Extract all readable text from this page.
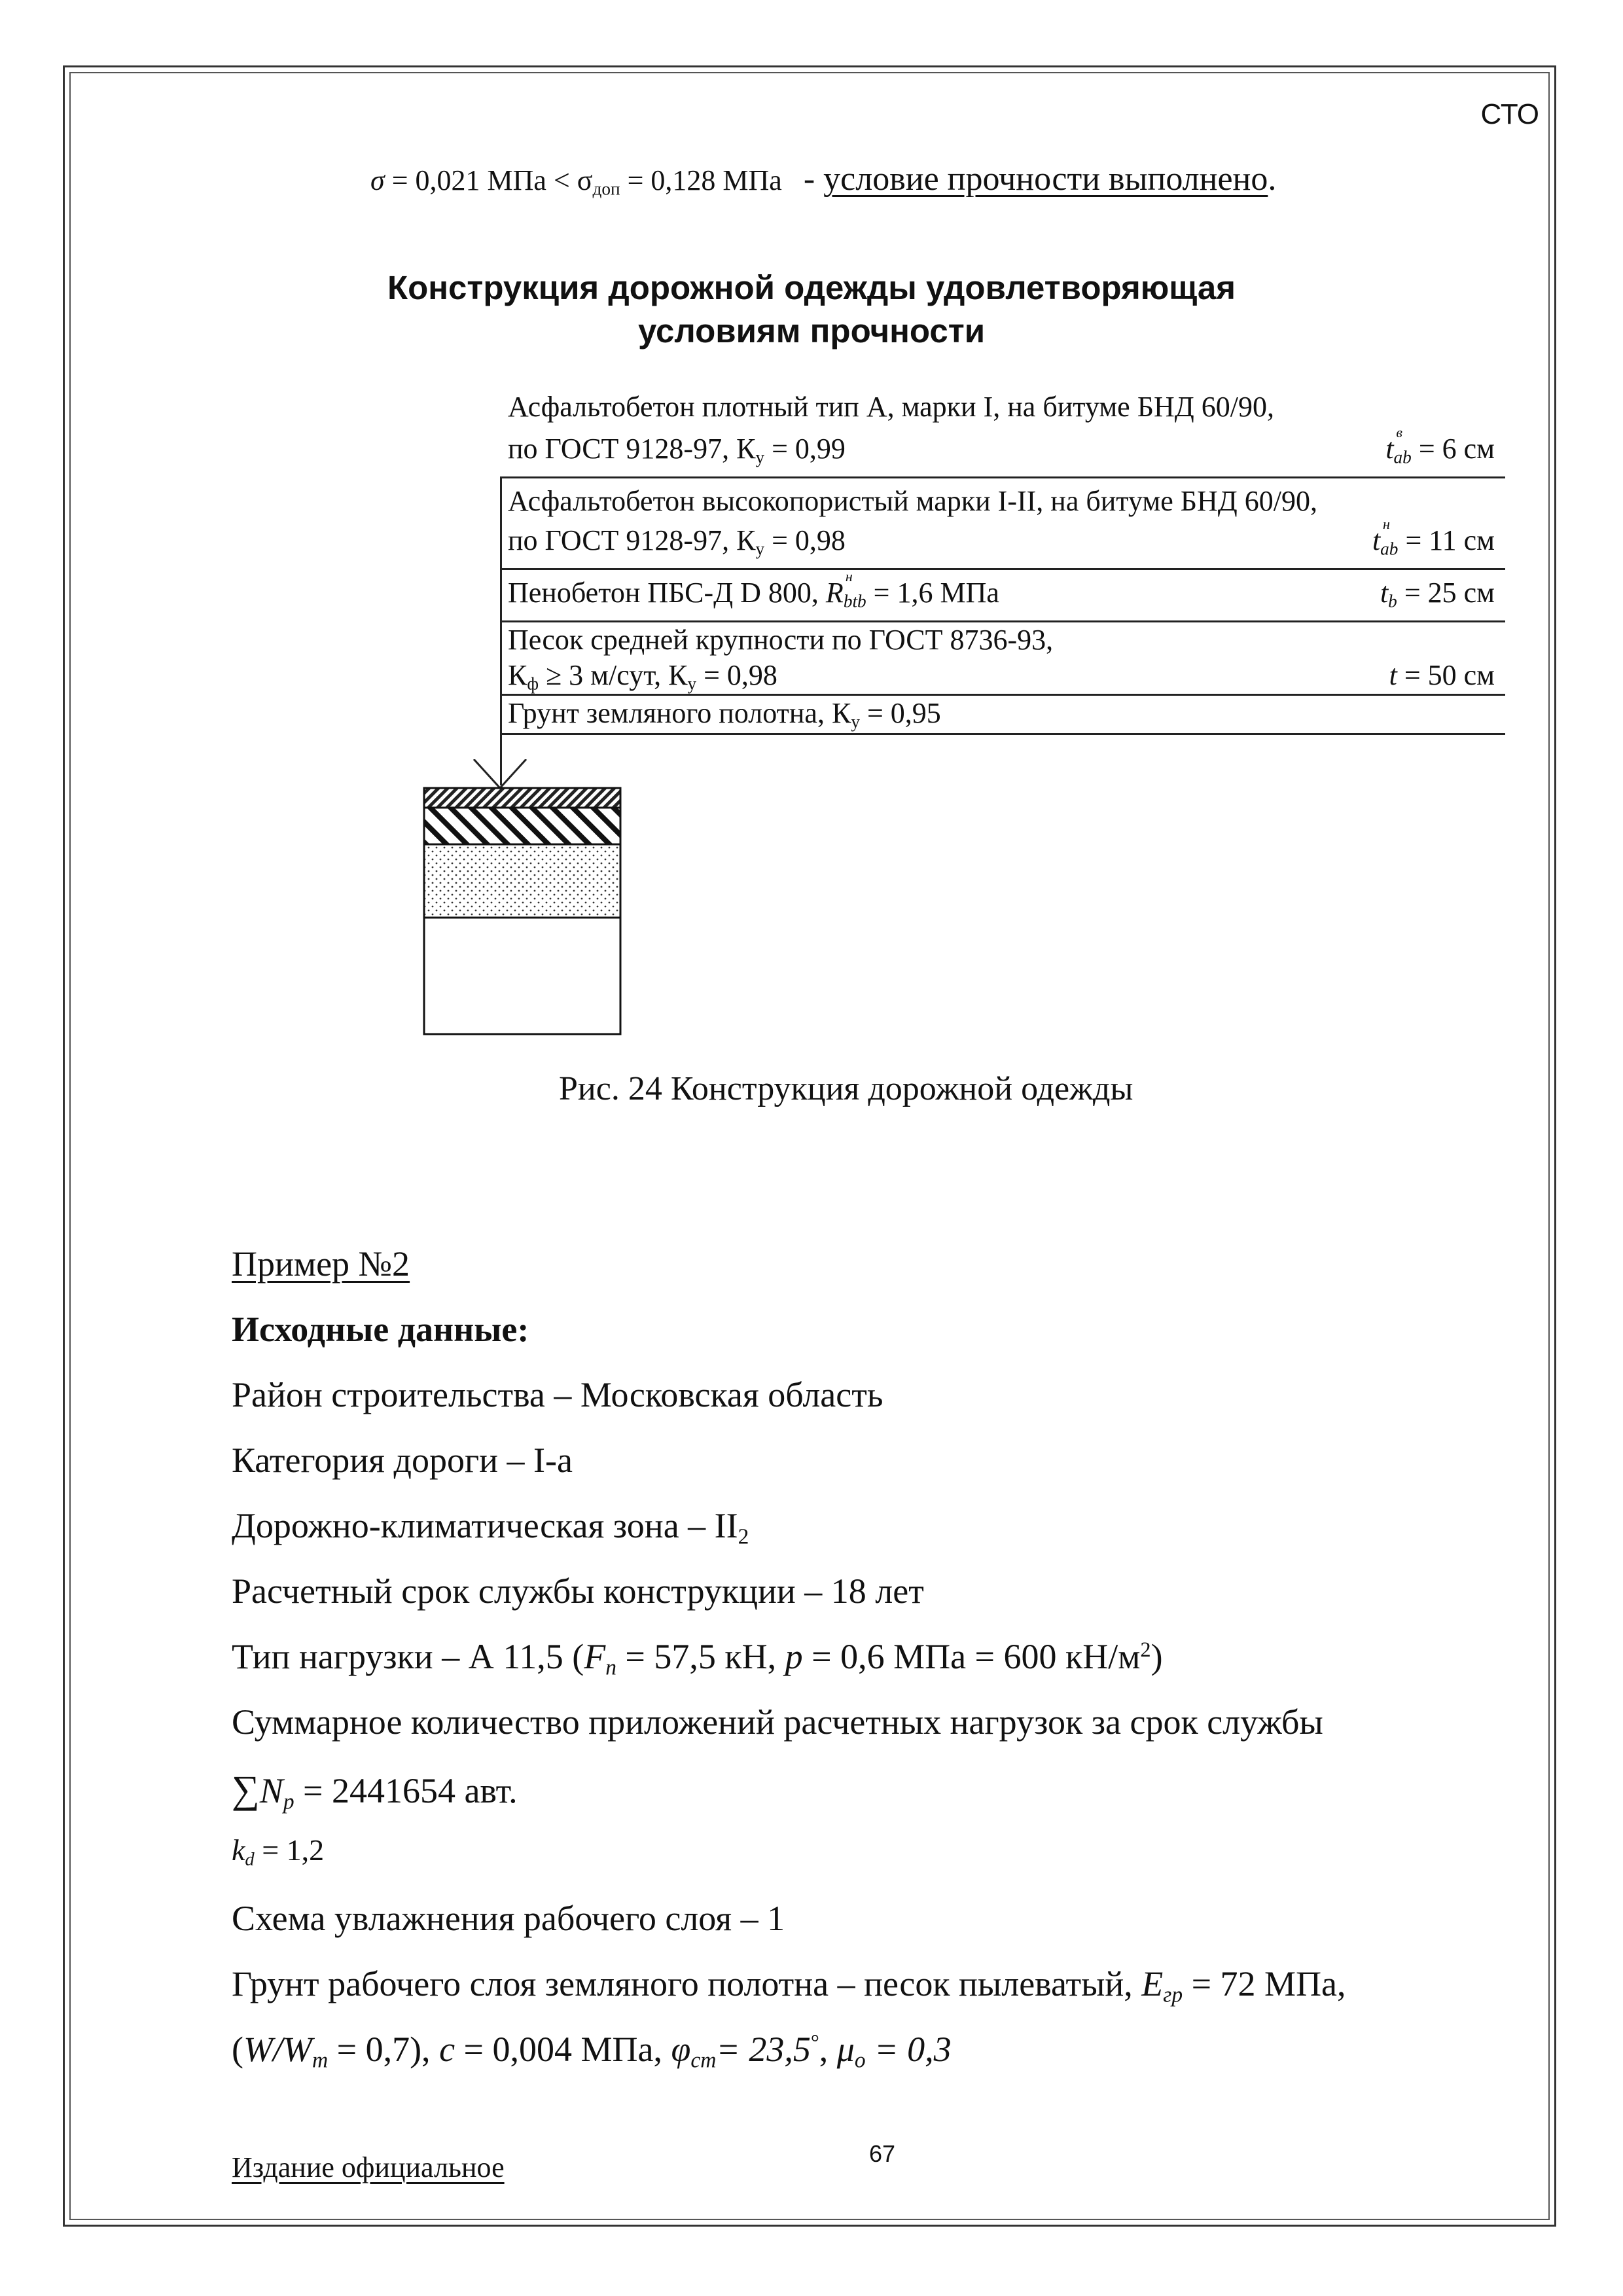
СТО
σ = 0,021 МПа < $\sigma_{доп} = 0,128$ МПа - условие прочности выполнено.
Конструкция дорожной одежды удовлетворяющая
условиям прочности
Асфальтобетон плотный тип А, марки I, на битуме БНД 60/90,
по ГОСТ 9128-97, $К_у = 0,99$	t
в
$_{ab}$ = 6 см
Асфальтобетон высокопористый марки I-II, на битуме БНД 60/90,
по ГОСТ 9128-97, $К_у = 0,98$	t
н
$_{ab}$ = 11 см
Пенобетон ПБС-Д D 800, R
н
$_{btb}$ = 1,6 МПа	$t_b = 25$ см
Песок средней крупности по ГОСТ 8736-93,
$К_ф \ge 3$ м/сут, $К_у = 0,98$	t = 50 см
Грунт земляного полотна, $К_у = 0,95$
Рис. 24 Конструкция дорожной одежды
Пример №2
Исходные данные:
Район строительства – Московская область
Категория дороги – I-a
Дорожно-климатическая зона – $II_2$
Расчетный срок службы конструкции – 18 лет
Тип нагрузки – А 11,5 ($F_n = 57,5$ кН, p = 0,6 МПа = 600 $кН/м^2$)
Суммарное количество приложений расчетных нагрузок за срок службы
$\sum N_p = 2441654$ авт.
$k_d = 1,2$
Схема увлажнения рабочего слоя – 1
Грунт рабочего слоя земляного полотна – песок пылеватый, $E_{гр} = 72$ МПа,
$(W/W_m = 0,7)$, c = 0,004 МПа, $\varphi_{cm}= 23,5^\circ$, $\mu_o = 0,3$
Издание официальное	67
